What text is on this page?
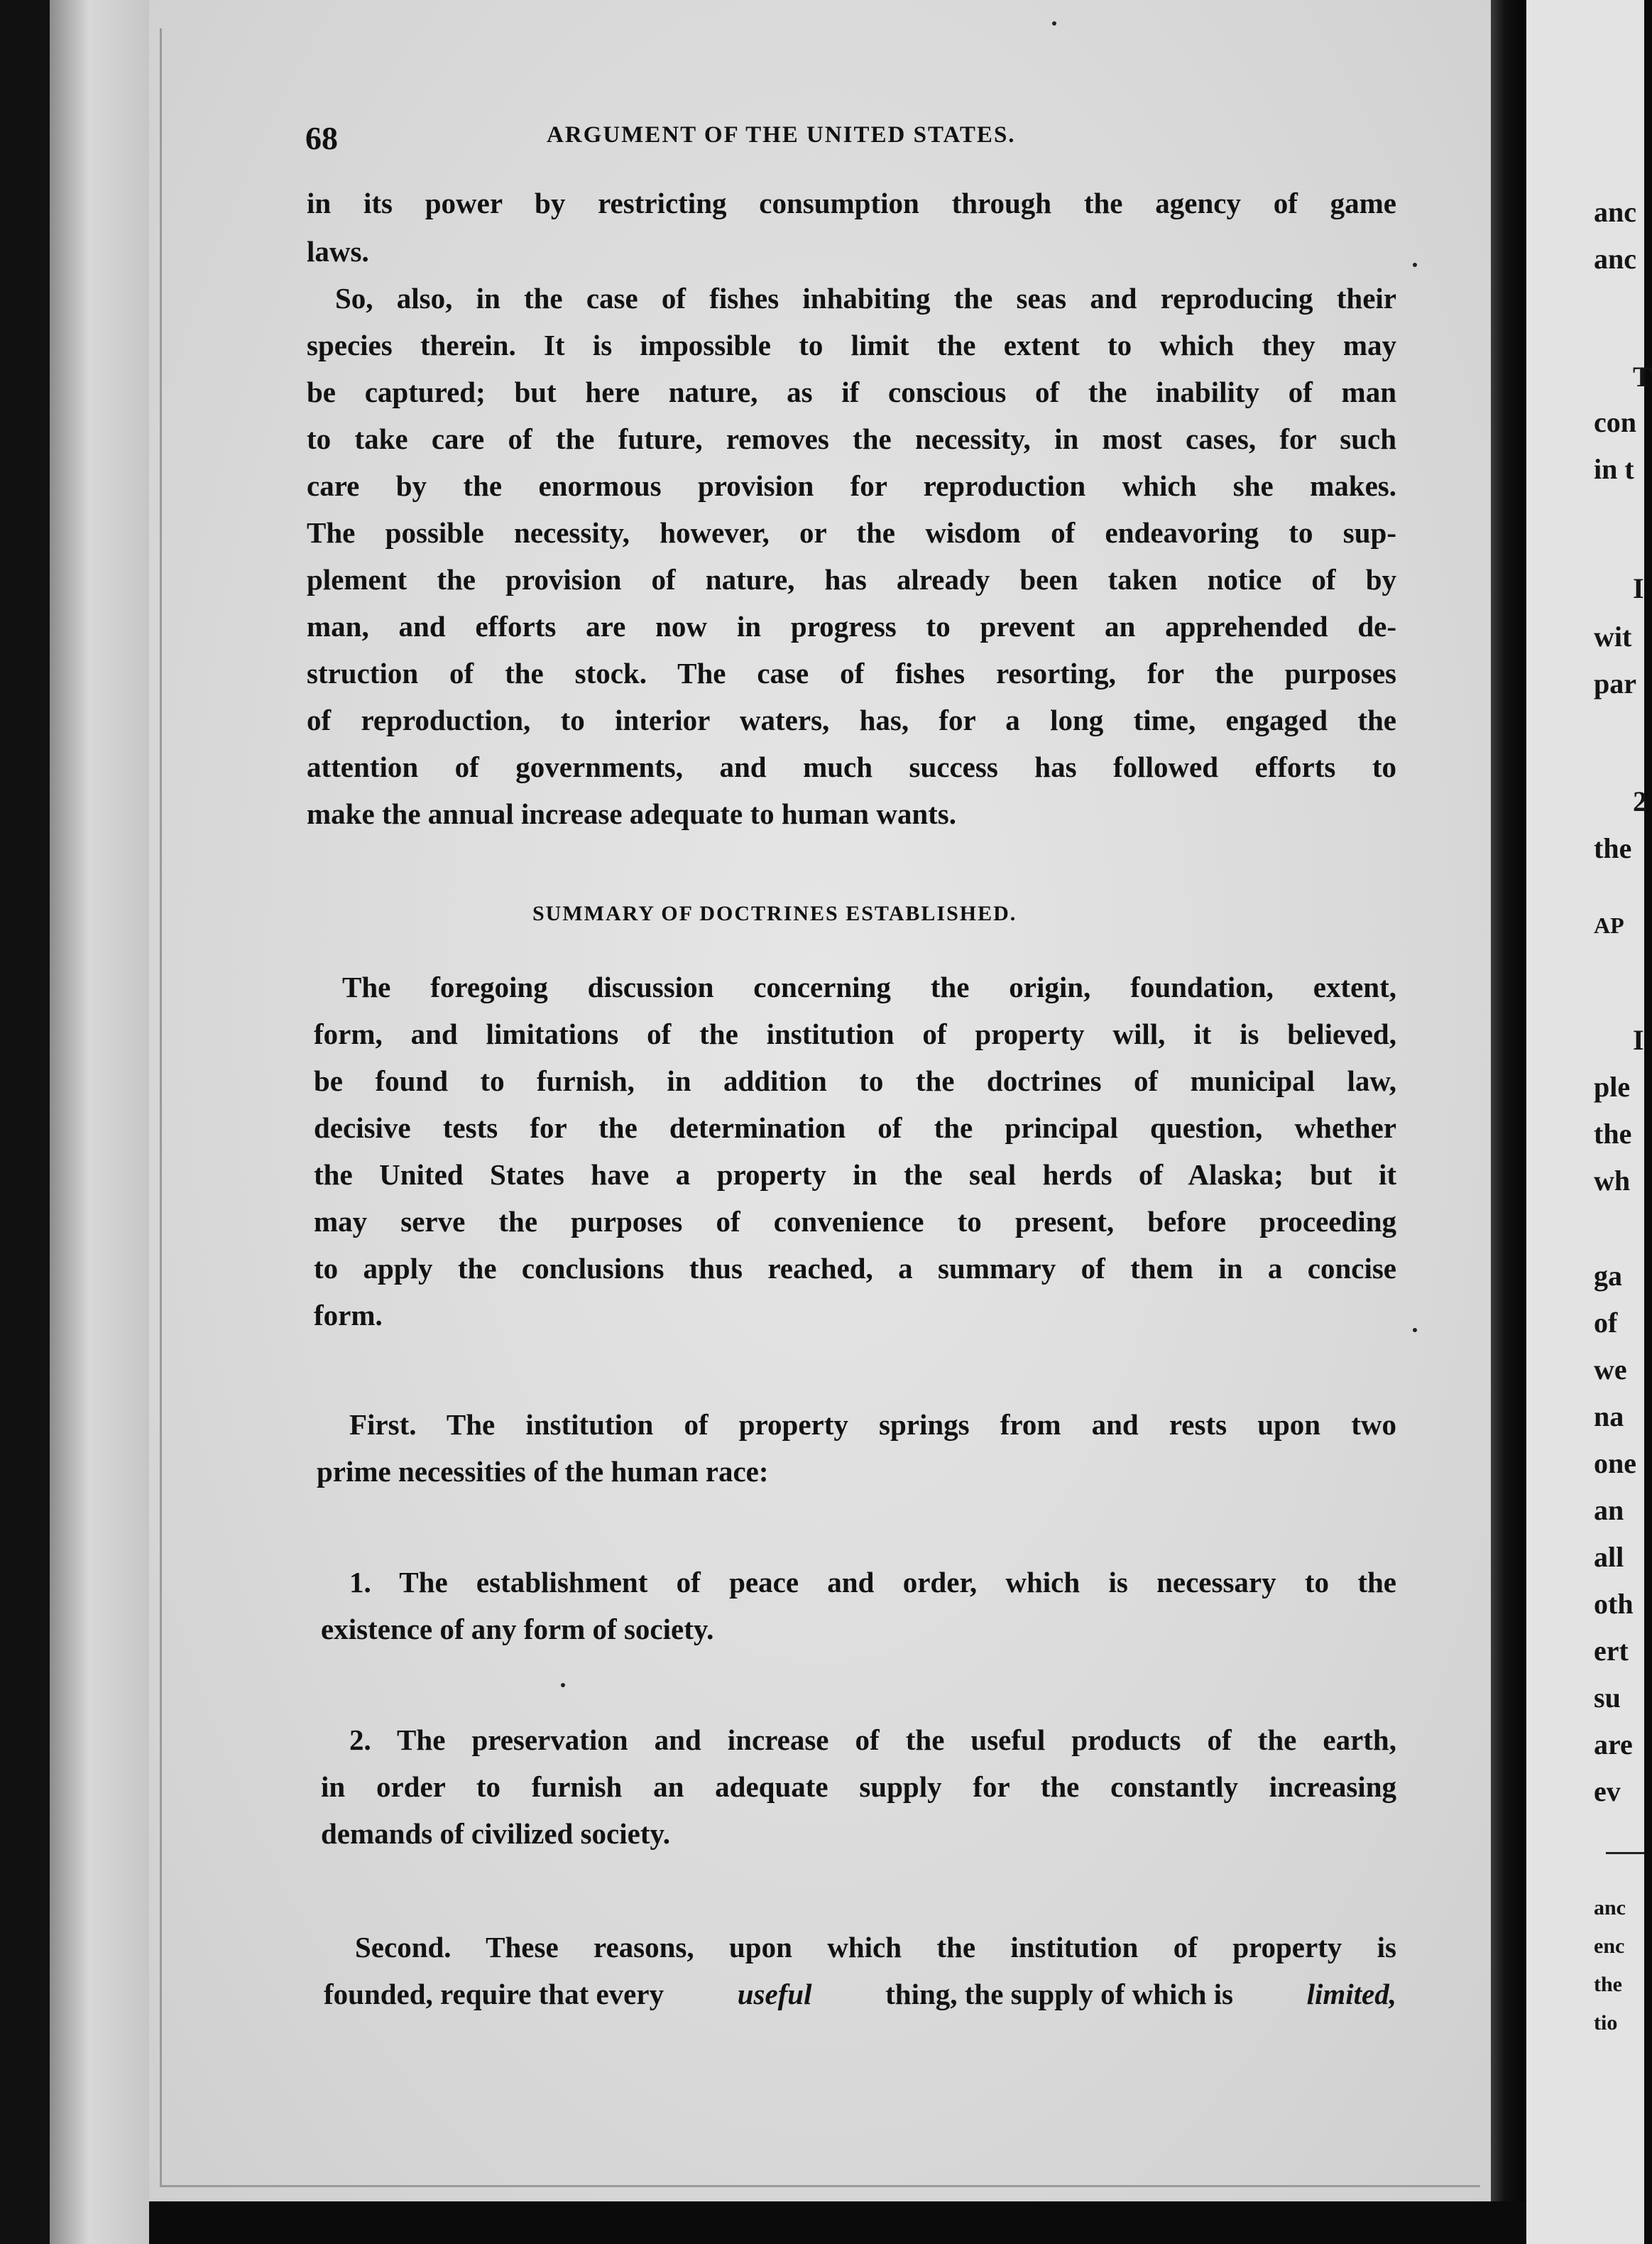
68	ARGUMENT OF THE UNITED STATES.
in its power by restricting consumption through the agency of game
laws.
So, also, in the case of fishes inhabiting the seas and reproducing their
species therein. It is impossible to limit the extent to which they may
be captured; but here nature, as if conscious of the inability of man
to take care of the future, removes the necessity, in most cases, for such
care by the enormous provision for reproduction which she makes.
The possible necessity, however, or the wisdom of endeavoring to sup-
plement the provision of nature, has already been taken notice of by
man, and efforts are now in progress to prevent an apprehended de-
struction of the stock. The case of fishes resorting, for the purposes
of reproduction, to interior waters, has, for a long time, engaged the
attention of governments, and much success has followed efforts to
make the annual increase adequate to human wants.
SUMMARY OF DOCTRINES ESTABLISHED.
The foregoing discussion concerning the origin, foundation, extent,
form, and limitations of the institution of property will, it is believed,
be found to furnish, in addition to the doctrines of municipal law,
decisive tests for the determination of the principal question, whether
the United States have a property in the seal herds of Alaska; but it
may serve the purposes of convenience to present, before proceeding
to apply the conclusions thus reached, a summary of them in a concise
form.
First. The institution of property springs from and rests upon two
prime necessities of the human race:
1. The establishment of peace and order, which is necessary to the
existence of any form of society.
2. The preservation and increase of the useful products of the earth,
in order to furnish an adequate supply for the constantly increasing
demands of civilized society.
Second. These reasons, upon which the institution of property is
founded, require that every	useful	thing, the supply of which is	limited,
anc
anc
T
con
in t
I
wit
par
2
the
AP
I
ple
the
wh
ga
of
we
na
one
an
all
oth
ert
su
are
ev
anc
enc
the
tio
